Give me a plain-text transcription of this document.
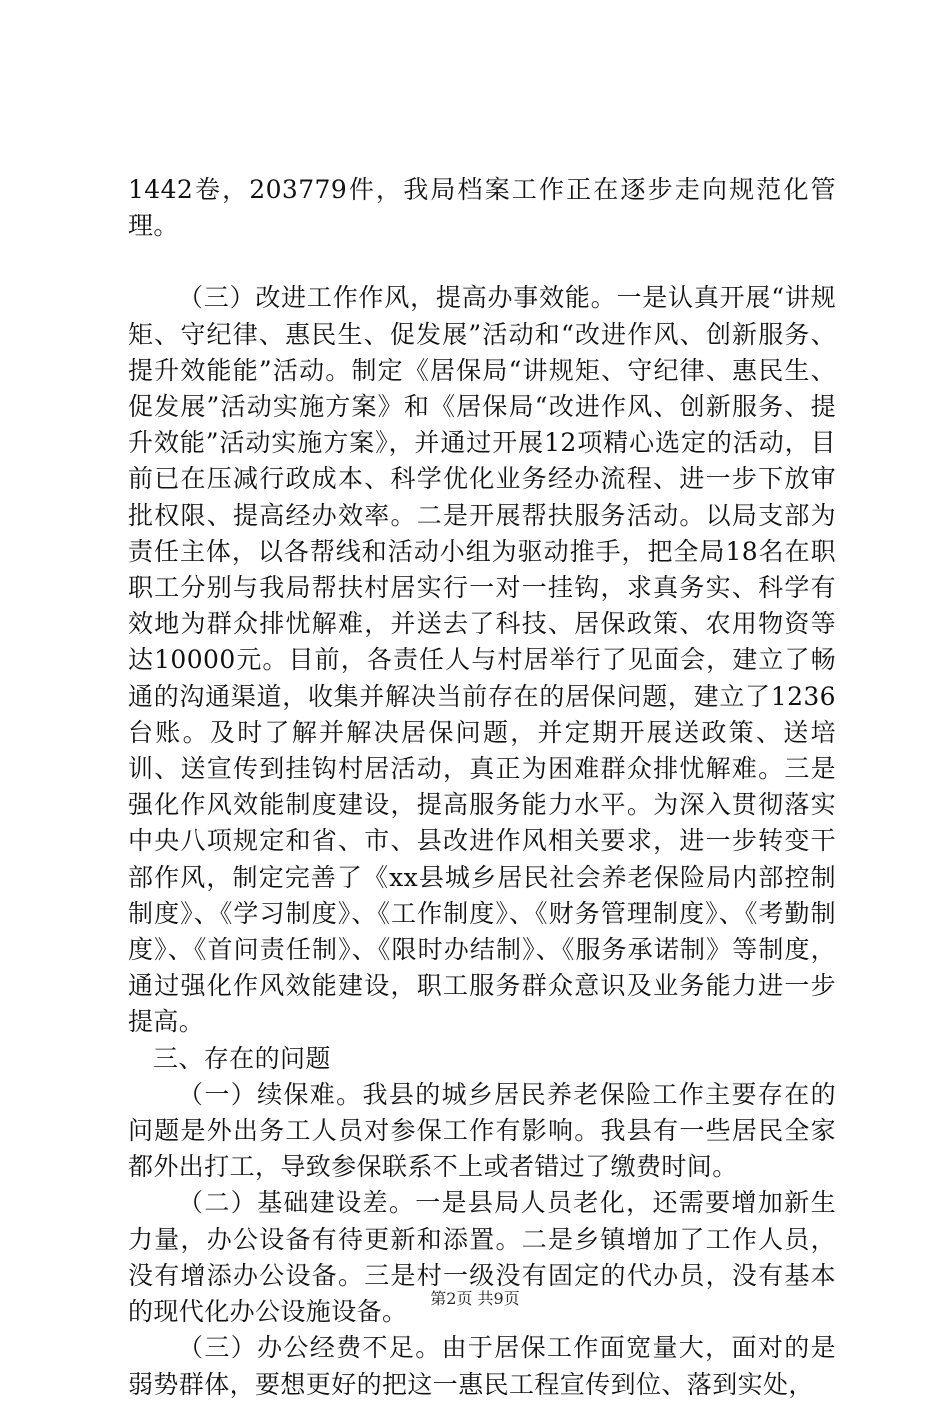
1442卷，203779件，我局档案工作正在逐步走向规范化管理。

（三）改进工作作风，提高办事效能。一是认真开展“讲规矩、守纪律、惠民生、促发展”活动和“改进作风、创新服务、提升效能能”活动。制定《居保局“讲规矩、守纪律、惠民生、促发展”活动实施方案》和《居保局“改进作风、创新服务、提升效能”活动实施方案》，并通过开展12项精心选定的活动，目前已在压减行政成本、科学优化业务经办流程、进一步下放审批权限、提高经办效率。二是开展帮扶服务活动。以局支部为责任主体，以各帮线和活动小组为驱动推手，把全局18名在职职工分别与我局帮扶村居实行一对一挂钩，求真务实、科学有效地为群众排忧解难，并送去了科技、居保政策、农用物资等达10000元。目前，各责任人与村居举行了见面会，建立了畅通的沟通渠道，收集并解决当前存在的居保问题，建立了1236台账。及时了解并解决居保问题，并定期开展送政策、送培训、送宣传到挂钩村居活动，真正为困难群众排忧解难。三是强化作风效能制度建设，提高服务能力水平。为深入贯彻落实中央八项规定和省、市、县改进作风相关要求，进一步转变干部作风，制定完善了《xx县城乡居民社会养老保险局内部控制制度》、《学习制度》、《工作制度》、《财务管理制度》、《考勤制度》、《首问责任制》、《限时办结制》、《服务承诺制》等制度，通过强化作风效能建设，职工服务群众意识及业务能力进一步提高。

三、存在的问题

（一）续保难。我县的城乡居民养老保险工作主要存在的问题是外出务工人员对参保工作有影响。我县有一些居民全家都外出打工，导致参保联系不上或者错过了缴费时间。

（二）基础建设差。一是县局人员老化，还需要增加新生力量，办公设备有待更新和添置。二是乡镇增加了工作人员，没有增添办公设备。三是村一级没有固定的代办员，没有基本的现代化办公设施设备。

（三）办公经费不足。由于居保工作面宽量大，面对的是弱势群体，要想更好的把这一惠民工程宣传到位、落到实处，

第2页 共9页
